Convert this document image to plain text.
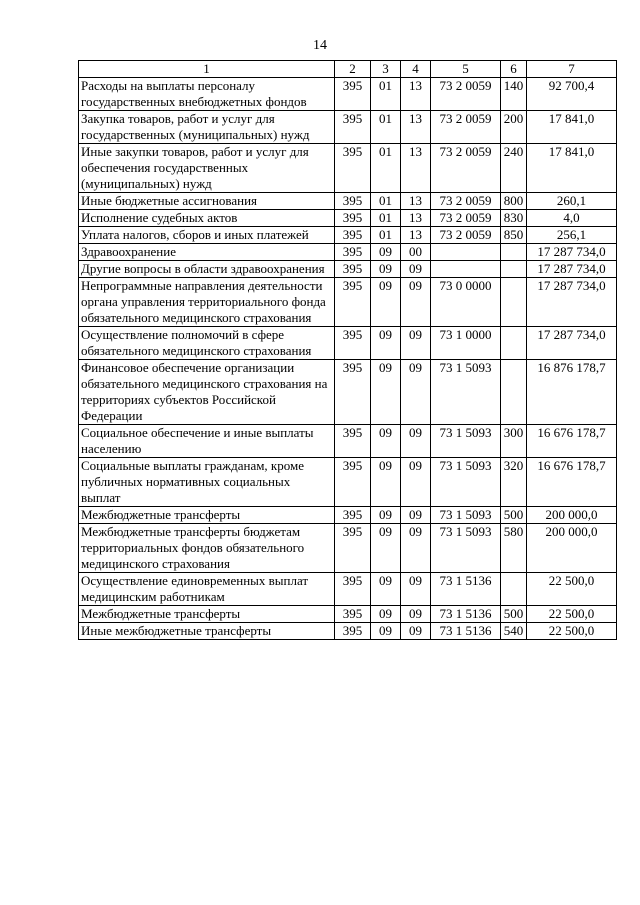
14
1	2	3	4	5	6	7
Расходы на выплаты персоналу государственных внебюджетных фондов	395	01	13	73 2 0059	140	92 700,4
Закупка товаров, работ и услуг для государственных (муниципальных) нужд	395	01	13	73 2 0059	200	17 841,0
Иные закупки товаров, работ и услуг для обеспечения государственных (муниципальных) нужд	395	01	13	73 2 0059	240	17 841,0
Иные бюджетные ассигнования	395	01	13	73 2 0059	800	260,1
Исполнение судебных актов	395	01	13	73 2 0059	830	4,0
Уплата налогов, сборов и иных платежей	395	01	13	73 2 0059	850	256,1
Здравоохранение	395	09	00			17 287 734,0
Другие вопросы в области здравоохранения	395	09	09			17 287 734,0
Непрограммные направления деятельности органа управления территориального фонда обязательного медицинского страхования	395	09	09	73 0 0000		17 287 734,0
Осуществление полномочий в сфере обязательного медицинского страхования	395	09	09	73 1 0000		17 287 734,0
Финансовое обеспечение организации обязательного медицинского страхования на территориях субъектов Российской Федерации	395	09	09	73 1 5093		16 876 178,7
Социальное обеспечение и иные выплаты населению	395	09	09	73 1 5093	300	16 676 178,7
Социальные выплаты гражданам, кроме публичных нормативных социальных выплат	395	09	09	73 1 5093	320	16 676 178,7
Межбюджетные трансферты	395	09	09	73 1 5093	500	200 000,0
Межбюджетные трансферты бюджетам территориальных фондов обязательного медицинского страхования	395	09	09	73 1 5093	580	200 000,0
Осуществление единовременных выплат медицинским работникам	395	09	09	73 1 5136		22 500,0
Межбюджетные трансферты	395	09	09	73 1 5136	500	22 500,0
Иные межбюджетные трансферты	395	09	09	73 1 5136	540	22 500,0
